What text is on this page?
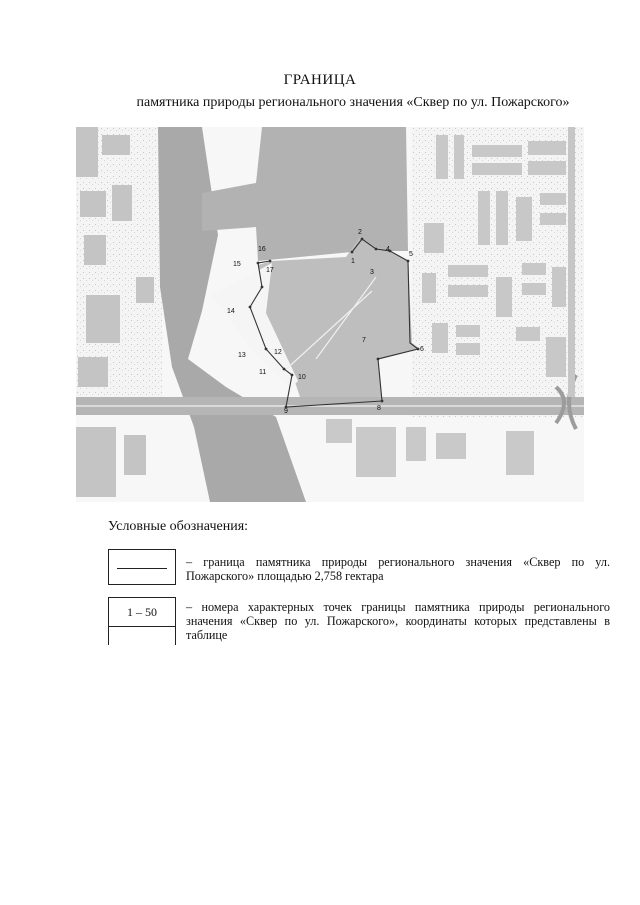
ГРАНИЦА
памятника природы регионального значения «Сквер по ул. Пожарского»
1
2
3
4
5
6
7
8
9
10
11
12
13
14
15
16
17
Условные обозначения:
– граница памятника природы регионального значения «Сквер по ул. Пожарского» площадью 2,758 гектара
1 – 50	– номера характерных точек границы памятника природы регионального значения «Сквер по ул. Пожарского», координаты которых представлены в таблице
